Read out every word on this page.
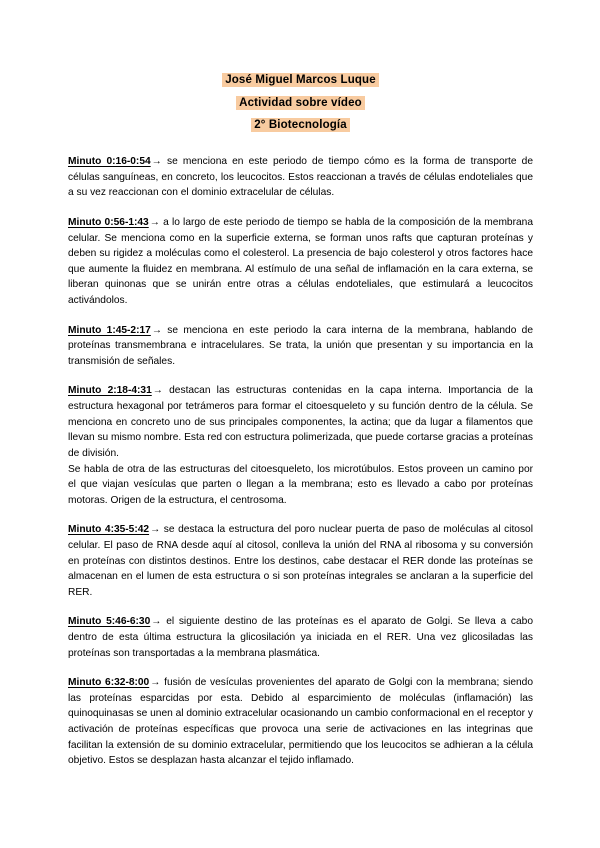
José Miguel Marcos Luque
Actividad sobre vídeo
2° Biotecnología

Minuto 0:16-0:54→ se menciona en este periodo de tiempo cómo es la forma de transporte de células sanguíneas, en concreto, los leucocitos. Estos reaccionan a través de células endoteliales que a su vez reaccionan con el dominio extracelular de células.

Minuto 0:56-1:43→ a lo largo de este periodo de tiempo se habla de la composición de la membrana celular. Se menciona como en la superficie externa, se forman unos rafts que capturan proteínas y deben su rigidez a moléculas como el colesterol. La presencia de bajo colesterol y otros factores hace que aumente la fluidez en membrana. Al estímulo de una señal de inflamación en la cara externa, se liberan quinonas que se unirán entre otras a células endoteliales, que estimulará a leucocitos activándolos.

Minuto 1:45-2:17→ se menciona en este periodo la cara interna de la membrana, hablando de proteínas transmembrana e intracelulares. Se trata, la unión que presentan y su importancia en la transmisión de señales.

Minuto 2:18-4:31→ destacan las estructuras contenidas en la capa interna. Importancia de la estructura hexagonal por tetrámeros para formar el citoesqueleto y su función dentro de la célula. Se menciona en concreto uno de sus principales componentes, la actina; que da lugar a filamentos que llevan su mismo nombre. Esta red con estructura polimerizada, que puede cortarse gracias a proteínas de división.
Se habla de otra de las estructuras del citoesqueleto, los microtúbulos. Estos proveen un camino por el que viajan vesículas que parten o llegan a la membrana; esto es llevado a cabo por proteínas motoras. Origen de la estructura, el centrosoma.

Minuto 4:35-5:42→ se destaca la estructura del poro nuclear puerta de paso de moléculas al citosol celular. El paso de RNA desde aquí al citosol, conlleva la unión del RNA al ribosoma y su conversión en proteínas con distintos destinos. Entre los destinos, cabe destacar el RER donde las proteínas se almacenan en el lumen de esta estructura o si son proteínas integrales se anclaran a la superficie del RER.

Minuto 5:46-6:30→ el siguiente destino de las proteínas es el aparato de Golgi. Se lleva a cabo dentro de esta última estructura la glicosilación ya iniciada en el RER. Una vez glicosiladas las proteínas son transportadas a la membrana plasmática.

Minuto 6:32-8:00→ fusión de vesículas provenientes del aparato de Golgi con la membrana; siendo las proteínas esparcidas por esta. Debido al esparcimiento de moléculas (inflamación) las quinoquinasas se unen al dominio extracelular ocasionando un cambio conformacional en el receptor y activación de proteínas específicas que provoca una serie de activaciones en las integrinas que facilitan la extensión de su dominio extracelular, permitiendo que los leucocitos se adhieran a la célula objetivo. Estos se desplazan hasta alcanzar el tejido inflamado.
